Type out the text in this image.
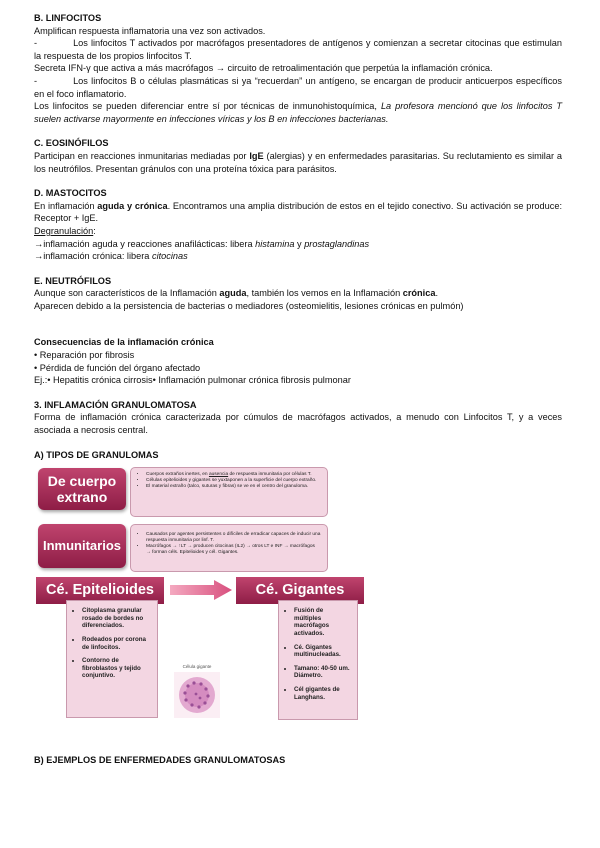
B. LINFOCITOS

Amplifican respuesta inflamatoria una vez son activados.

-	Los linfocitos T activados por macrófagos presentadores de antígenos y comienzan a secretar citocinas que estimulan la respuesta de los propios linfocitos T.

Secreta IFN-γ que activa a más macrófagos → circuito de retroalimentación que perpetúa la inflamación crónica.

-	Los linfocitos B o células plasmáticas si ya “recuerdan” un antígeno, se encargan de producir anticuerpos específicos en el foco inflamatorio.

Los linfocitos se pueden diferenciar entre sí por técnicas de inmunohistoquímica, La profesora mencionó que los linfocitos T suelen activarse mayormente en infecciones víricas y los B en infecciones bacterianas.

C. EOSINÓFILOS

Participan en reacciones inmunitarias mediadas por IgE (alergias) y en enfermedades parasitarias. Su reclutamiento es similar a los neutrófilos. Presentan gránulos con una proteína tóxica para parásitos.

D. MASTOCITOS

En inflamación aguda y crónica. Encontramos una amplia distribución de estos en el tejido conectivo. Su activación se produce: Receptor + IgE.

Degranulación:

→inflamación aguda y reacciones anafilácticas: libera histamina y prostaglandinas

→inflamación crónica: libera citocinas

E. NEUTRÓFILOS

Aunque son característicos de la Inflamación aguda, también los vemos en la Inflamación crónica.

Aparecen debido a la persistencia de bacterias o mediadores (osteomielitis, lesiones crónicas en pulmón)

Consecuencias de la inflamación crónica

• Reparación por fibrosis

• Pérdida de función del órgano afectado

Ej.:• Hepatitis crónica cirrosis• Inflamación pulmonar crónica fibrosis pulmonar

3. INFLAMACIÓN GRANULOMATOSA

Forma de inflamación crónica caracterizada por cúmulos de macrófagos activados, a menudo con Linfocitos T, y a veces asociada a necrosis central.

A) TIPOS DE GRANULOMAS
De cuerpo extrano
• Cuerpos extraños inertes, en ausencia de respuesta inmunitaria por células T.
• Células epitelioides y gigantes se yuxtaponen a la superficie del cuerpo extraño.
• El material extraño (talco, suturas y fibras) se ve en el centro del granuloma.
Inmunitarios
• Causados por agentes persistentes o difíciles de erradicar capaces de inducir una respuesta inmunitaria por linf. T.
• Macrófagos → ↑LT → producen citocinas (IL2) → otros LT e INF → macrófagos → forman céls. Epitelioides y cél. Gigantes.
Cé. Epitelioides	Cé. Gigantes
• Citoplasma granular rosado de bordes no diferenciados.
• Rodeados por corona de linfocitos.
• Contorno de fibroblastos y tejido conjuntivo.
• Fusión de múltiples macrófagos activados.
• Cé. Gigantes multinucleadas.
• Tamano: 40-50 um. Diámetro.
• Cél gigantes de Langhans.
Célula gigante
B) EJEMPLOS DE ENFERMEDADES GRANULOMATOSAS
